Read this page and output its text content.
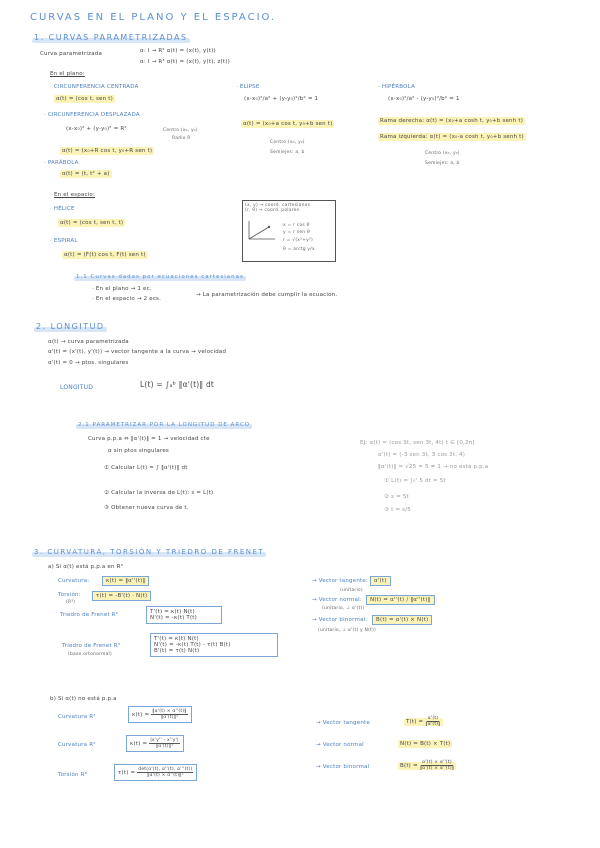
CURVAS EN EL PLANO Y EL ESPACIO.
1. CURVAS PARAMETRIZADAS
Curva parametrizada	α: I → R² α(t) = (x(t), y(t))
α: I → R³ α(t) = (x(t), y(t), z(t))
En el plano:
· CIRCUNFERENCIA CENTRADA
α(t) = (cos t, sen t)
· CIRCUNFERENCIA DESPLAZADA
(x-x₀)² + (y-y₀)² = R²	Centro (x₀, y₀)
Radio R
α(t) = (x₀+R cos t, y₀+R sen t)
· PARÁBOLA
α(t) = (t, t² + a)
· ELIPSE
(x-x₀)²/a² + (y-y₀)²/b² = 1
α(t) = (x₀+a cos t, y₀+b sen t)
Centro (x₀, y₀)
Semiejes: a, b
· HIPÉRBOLA
(x-x₀)²/a² - (y-y₀)²/b² = 1
Rama derecha: α(t) = (x₀+a cosh t, y₀+b senh t)
Rama izquierda: α(t) = (x₀-a cosh t, y₀+b senh t)
Centro (x₀, y₀)
Semiejes: a, b
En el espacio:
· HÉLICE
α(t) = (cos t, sen t, t)
· ESPIRAL
α(t) = (F(t) cos t, F(t) sen t)
(x, y) → coord. cartesianas
(r, θ) → coord. polares
x = r cos θ
y = r sen θ
r = √(x²+y²)
θ = arctg y/x
1.1 Curvas dadas por ecuaciones cartesianas
· En el plano → 1 ec.
· En el espacio → 2 ecs.
→ La parametrización debe cumplir la ecuación.
2. LONGITUD
α(t) → curva parametrizada
α'(t) = (x'(t), y'(t)) → vector tangente a la curva → velocidad
α'(t) = 0 → ptos. singulares
LONGITUD	L(t) = ∫ₐᵇ ‖α'(t)‖ dt
2.1 PARAMETRIZAR POR LA LONGITUD DE ARCO
Curva p.p.a ⇔ ‖α'(t)‖ = 1 → velocidad cte
α sin ptos singulares
① Calcular L(t) = ∫ ‖α'(t)‖ dt
② Calcular la inversa de L(t): s = L(t)
③ Obtener nueva curva de t.
EJ: α(t) = (cos 3t, sen 3t, 4t) t ∈ [0,2π]
α'(t) = (-3 sen 3t, 3 cos 3t, 4)
‖α'(t)‖ = √25 = 5 ≠ 1 → no está p.p.a
① L(t) = ∫₀ᵗ 5 dt = 5t
② s = 5t
③ t = s/5
3. CURVATURA, TORSIÓN Y TRIEDRO DE FRENET
a) Si α(t) está p.p.a en R³
Curvatura:	κ(t) = ‖α''(t)‖
Torsión:
(R³)
τ(t) = -B'(t) · N(t)
Triedro de Frenet R²	T'(t) = κ(t) N(t)
N'(t) = -κ(t) T(t)
Triedro de Frenet R³
(base ortonormal)
T'(t) = κ(t) N(t)
N'(t) = -κ(t) T(t) - τ(t) B(t)
B'(t) = τ(t) N(t)
→ Vector tangente:	α'(t)
(unitario)
→ Vector normal:	N(t) = α''(t) / ‖α''(t)‖
(unitario, ⊥ α'(t))
→ Vector binormal:	B(t) = α'(t) × N(t)
(unitario, ⊥ α'(t) y N(t))
b) Si α(t) no está p.p.a
Curvatura R³	$\kappa(t) = \frac{‖\alpha'(t) \times \alpha''(t)‖}{\text{‖α'(t)‖³}}$
Curvatura R²	$\kappa(t) = \frac{|x'y'' - x''y'|}{\text{‖α'(t)‖³}}$
Torsión R³	$\tau(t) = \frac{\det(\alpha'(t), \alpha''(t), \alpha'''(t))}{\text{‖α'(t) × α''(t)‖²}}$
→ Vector tangente	$T(t) = \frac{\alpha'(t)}{‖\alpha'(t)‖}$
→ Vector normal	N(t) = B(t) × T(t)
→ Vector binormal	$B(t) = \frac{\alpha'(t) \times \alpha''(t)}{‖\alpha'(t) \times \alpha''(t)‖}$
